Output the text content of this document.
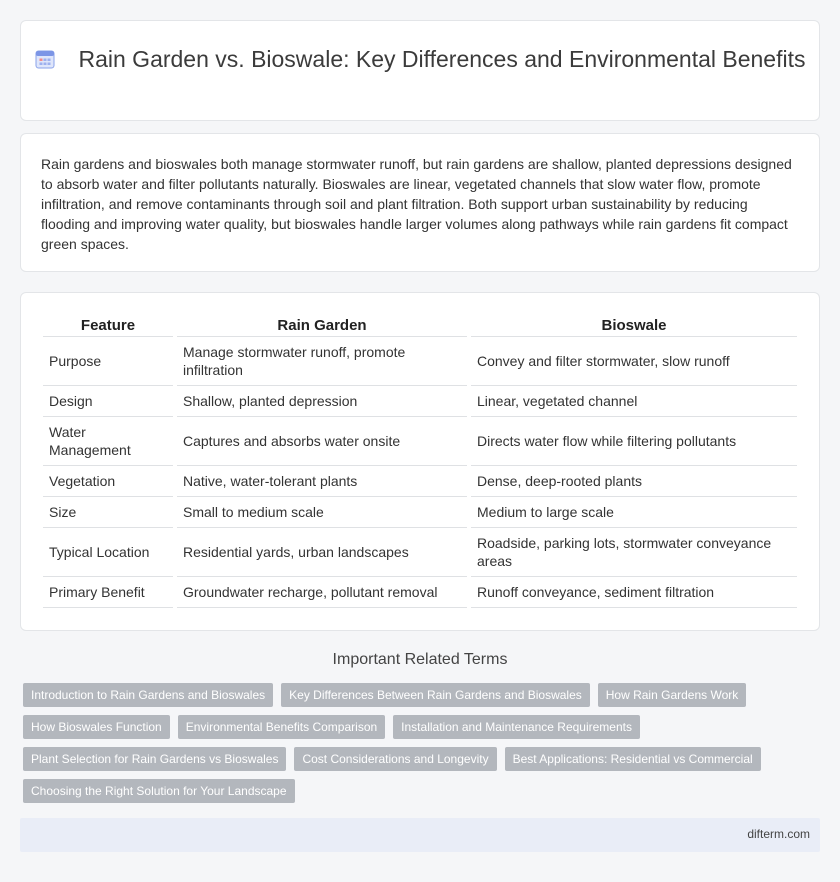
Rain Garden vs. Bioswale: Key Differences and Environmental Benefits

Rain gardens and bioswales both manage stormwater runoff, but rain gardens are shallow, planted depressions designed to absorb water and filter pollutants naturally. Bioswales are linear, vegetated channels that slow water flow, promote infiltration, and remove contaminants through soil and plant filtration. Both support urban sustainability by reducing flooding and improving water quality, but bioswales handle larger volumes along pathways while rain gardens fit compact green spaces.

Feature	Rain Garden	Bioswale
Purpose	Manage stormwater runoff, promote infiltration	Convey and filter stormwater, slow runoff
Design	Shallow, planted depression	Linear, vegetated channel
Water Management	Captures and absorbs water onsite	Directs water flow while filtering pollutants
Vegetation	Native, water-tolerant plants	Dense, deep-rooted plants
Size	Small to medium scale	Medium to large scale
Typical Location	Residential yards, urban landscapes	Roadside, parking lots, stormwater conveyance areas
Primary Benefit	Groundwater recharge, pollutant removal	Runoff conveyance, sediment filtration
Important Related Terms
Introduction to Rain Gardens and Bioswales	Key Differences Between Rain Gardens and Bioswales	How Rain Gardens Work
How Bioswales Function	Environmental Benefits Comparison	Installation and Maintenance Requirements
Plant Selection for Rain Gardens vs Bioswales	Cost Considerations and Longevity	Best Applications: Residential vs Commercial
Choosing the Right Solution for Your Landscape
difterm.com
